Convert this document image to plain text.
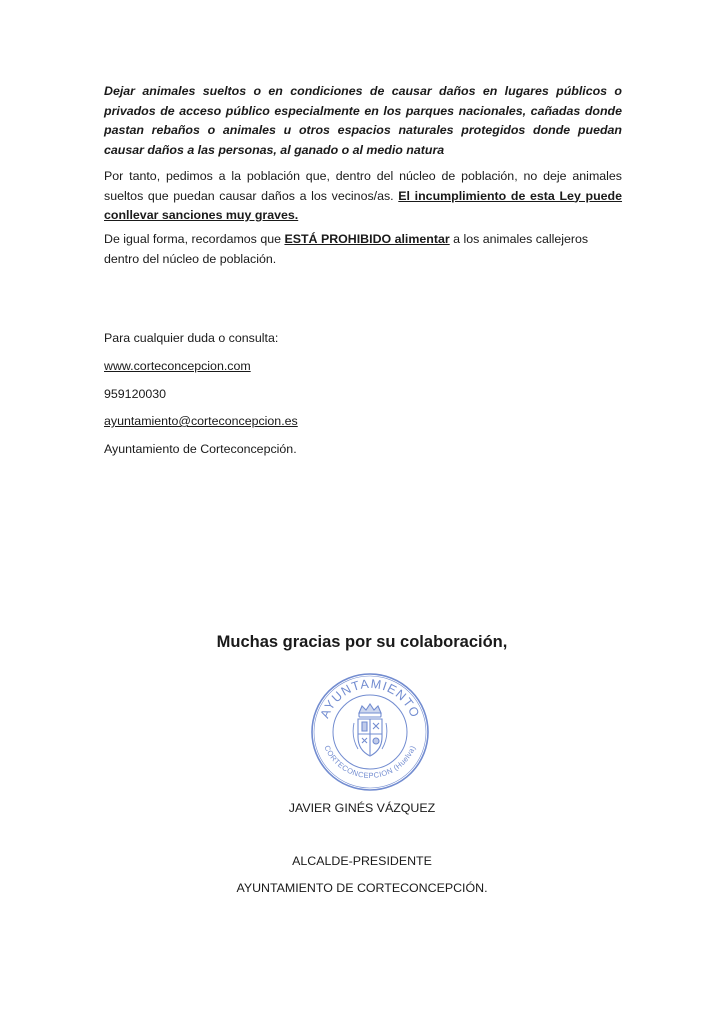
Dejar animales sueltos o en condiciones de causar daños en lugares públicos o privados de acceso público especialmente en los parques nacionales, cañadas donde pastan rebaños o animales u otros espacios naturales protegidos donde puedan causar daños a las personas, al ganado o al medio natura

Por tanto, pedimos a la población que, dentro del núcleo de población, no deje animales sueltos que puedan causar daños a los vecinos/as. El incumplimiento de esta Ley puede conllevar sanciones muy graves.

De igual forma, recordamos que ESTÁ PROHIBIDO alimentar a los animales callejeros dentro del núcleo de población.

Para cualquier duda o consulta:

www.corteconcepcion.com

959120030

ayuntamiento@corteconcepcion.es

Ayuntamiento de Corteconcepción.

Muchas gracias por su colaboración,

AYUNTAMIENTO
CORTECONCEPCION (Huelva)

JAVIER GINÉS VÁZQUEZ

ALCALDE-PRESIDENTE

AYUNTAMIENTO DE CORTECONCEPCIÓN.
